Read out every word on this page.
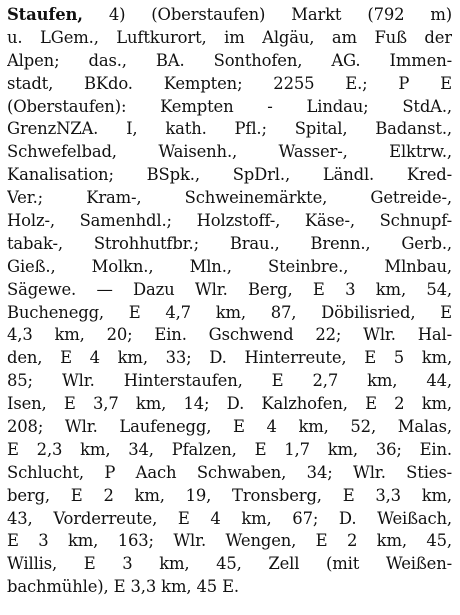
Staufen, 4) (Oberstaufen) Markt (792 m)
u. LGem., Luftkurort, im Algäu, am Fuß der
Alpen; das., BA. Sonthofen, AG. Immen-
stadt, BKdo. Kempten; 2255 E.; P E
(Oberstaufen): Kempten - Lindau; StdA.,
GrenzNZA. I, kath. Pfl.; Spital, Badanst.,
Schwefelbad, Waisenh., Wasser-, Elktrw.,
Kanalisation; BSpk., SpDrl., Ländl. Kred-
Ver.; Kram-, Schweinemärkte, Getreide-,
Holz-, Samenhdl.; Holzstoff-, Käse-, Schnupf-
tabak-, Strohhutfbr.; Brau., Brenn., Gerb.,
Gieß., Molkn., Mln., Steinbre., Mlnbau,
Sägewe. — Dazu Wlr. Berg, E 3 km, 54,
Buchenegg, E 4,7 km, 87, Döbilisried, E
4,3 km, 20; Ein. Gschwend 22; Wlr. Hal-
den, E 4 km, 33; D. Hinterreute, E 5 km,
85; Wlr. Hinterstaufen, E 2,7 km, 44,
Isen, E 3,7 km, 14; D. Kalzhofen, E 2 km,
208; Wlr. Laufenegg, E 4 km, 52, Malas,
E 2,3 km, 34, Pfalzen, E 1,7 km, 36; Ein.
Schlucht, P Aach Schwaben, 34; Wlr. Sties-
berg, E 2 km, 19, Tronsberg, E 3,3 km,
43, Vorderreute, E 4 km, 67; D. Weißach,
E 3 km, 163; Wlr. Wengen, E 2 km, 45,
Willis, E 3 km, 45, Zell (mit Weißen-
bachmühle), E 3,3 km, 45 E.
